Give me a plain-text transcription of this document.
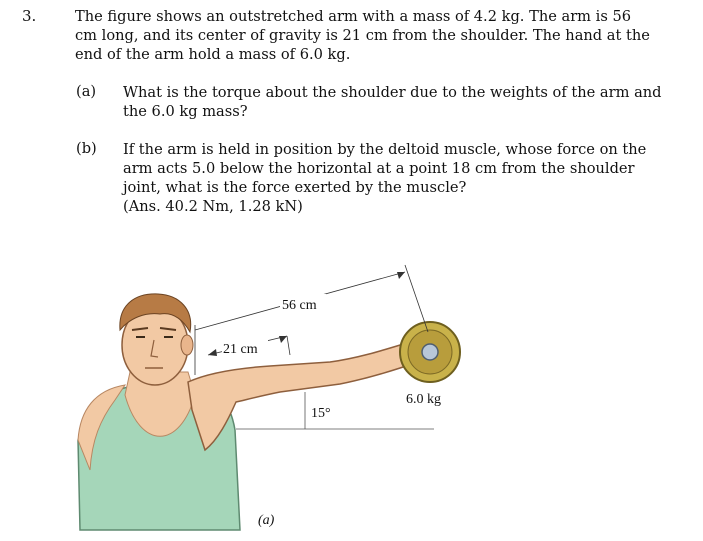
3.	The figure shows an outstretched arm with a mass of 4.2 kg. The arm is 56 cm long, and its center of gravity is 21 cm from the shoulder. The hand at the end of the arm hold a mass of 6.0 kg.
(a) What is the torque about the shoulder due to the weights of the arm and the 6.0 kg mass?
(b) If the arm is held in position by the deltoid muscle, whose force on the arm acts 5.0 below the horizontal at a point 18 cm from the shoulder joint, what is the force exerted by the muscle?
(Ans. 40.2 Nm, 1.28 kN)
56 cm
21 cm
15°
6.0 kg
(a)
